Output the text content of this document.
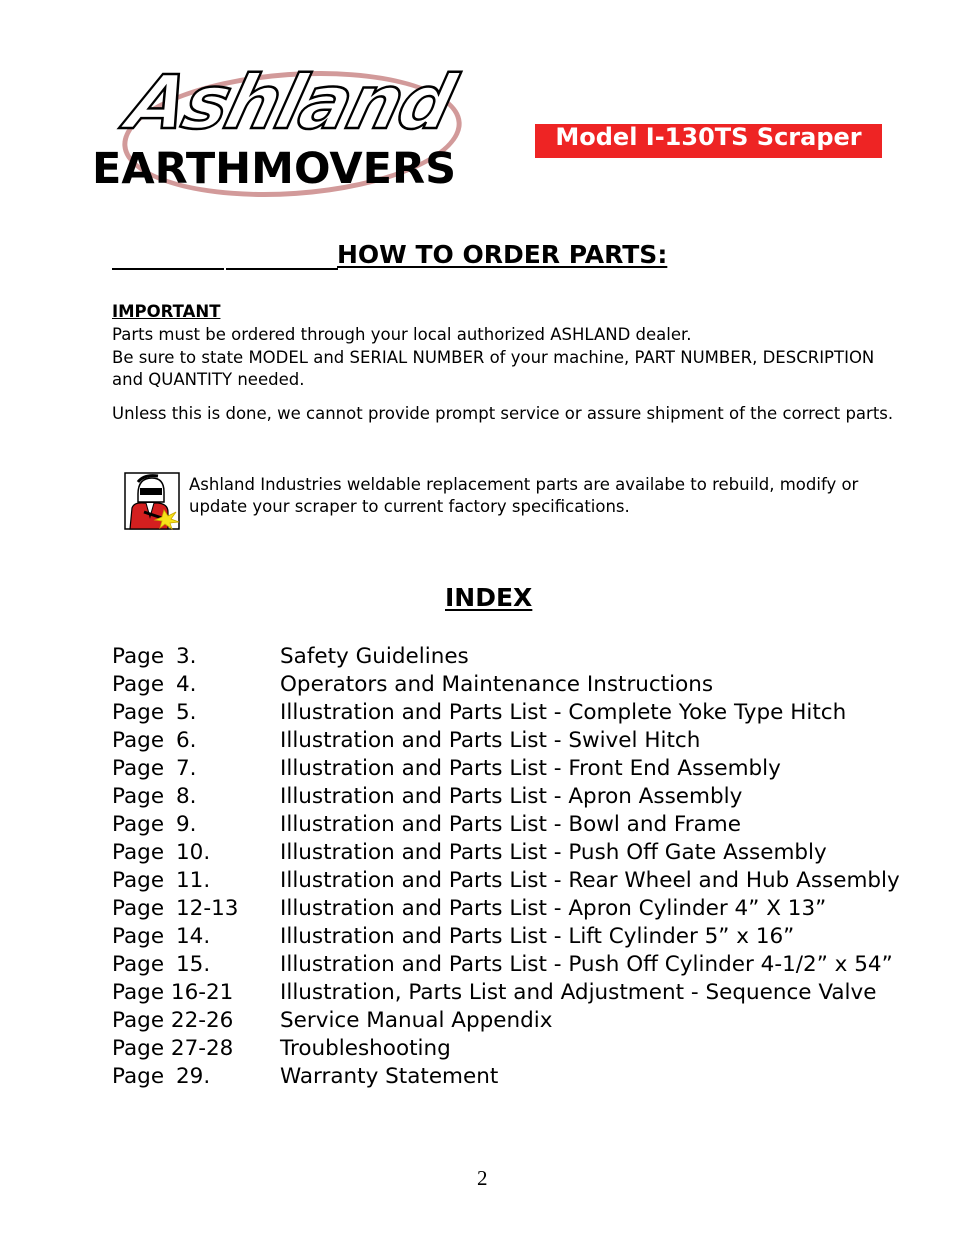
Ashland
EARTHMOVERS
Model I-130TS Scraper
HOW TO ORDER PARTS:
IMPORTANT
Parts must be ordered through your local authorized ASHLAND dealer.
Be sure to state MODEL and SERIAL NUMBER of your machine, PART NUMBER, DESCRIPTION
and QUANTITY needed.
Unless this is done, we cannot provide prompt service or assure shipment of the correct parts.
Ashland Industries weldable replacement parts are availabe to rebuild, modify or
update your scraper to current factory specifications.
INDEX
Page 3.	Safety Guidelines
Page 4.	Operators and Maintenance Instructions
Page 5.	Illustration and Parts List - Complete Yoke Type Hitch
Page 6.	Illustration and Parts List - Swivel Hitch
Page 7.	Illustration and Parts List - Front End Assembly
Page 8.	Illustration and Parts List - Apron Assembly
Page 9.	Illustration and Parts List - Bowl and Frame
Page 10.	Illustration and Parts List - Push Off Gate Assembly
Page 11.	Illustration and Parts List - Rear Wheel and Hub Assembly
Page 12-13 Illustration and Parts List - Apron Cylinder 4” X 13”
Page 14.	Illustration and Parts List - Lift Cylinder 5” x 16”
Page 15.	Illustration and Parts List - Push Off Cylinder 4-1/2” x 54”
Page 16-21 Illustration, Parts List and Adjustment - Sequence Valve
Page 22-26 Service Manual Appendix
Page 27-28 Troubleshooting
Page 29.	Warranty Statement
2
